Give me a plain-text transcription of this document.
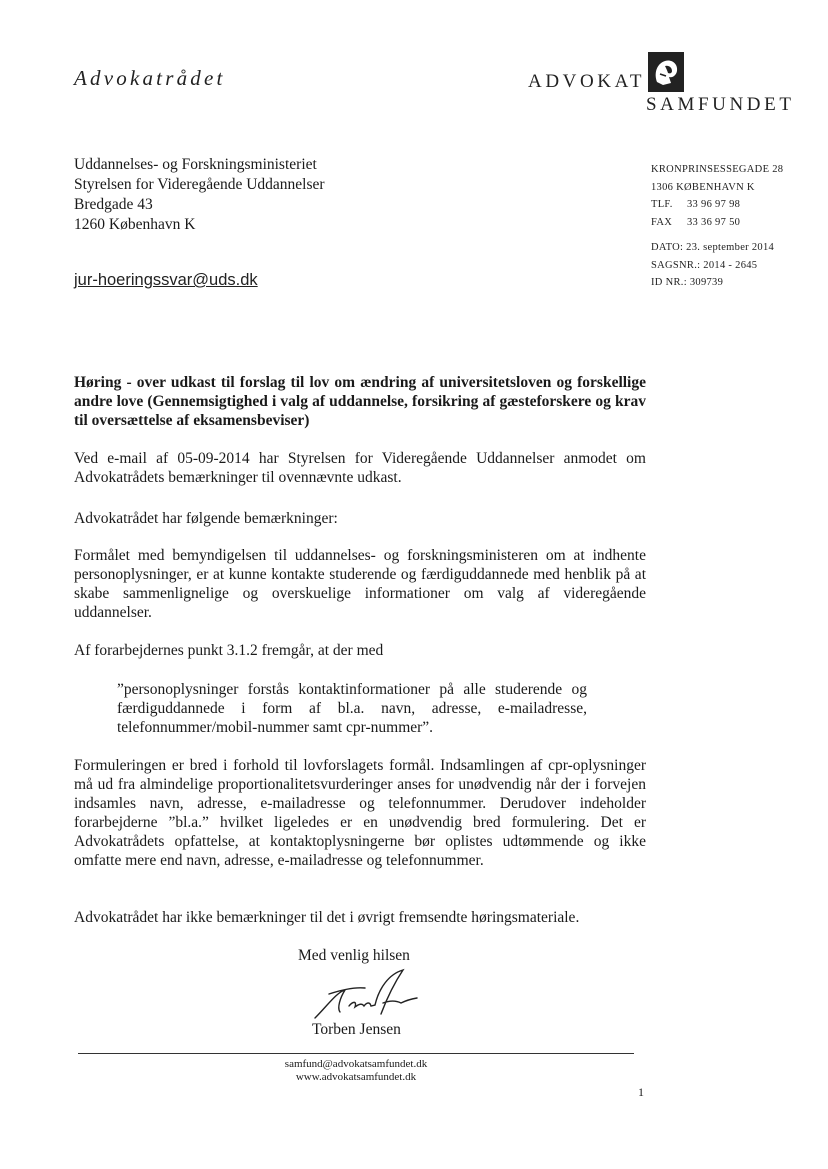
Advokatrådet	ADVOKAT
SAMFUNDET
Uddannelses- og Forskningsministeriet
Styrelsen for Videregående Uddannelser
Bredgade 43
1260 København K
jur-hoeringssvar@uds.dk
KRONPRINSESSEGADE 28
1306 KØBENHAVN K
TLF. 33 96 97 98
FAX 33 36 97 50
DATO: 23. september 2014
SAGSNR.: 2014 - 2645
ID NR.: 309739
Høring - over udkast til forslag til lov om ændring af universitetsloven og forskellige andre love (Gennemsigtighed i valg af uddannelse, forsikring af gæsteforskere og krav til oversættelse af eksamensbeviser)
Ved e-mail af 05-09-2014 har Styrelsen for Videregående Uddannelser anmodet om Advokatrådets bemærkninger til ovennævnte udkast.
Advokatrådet har følgende bemærkninger:
Formålet med bemyndigelsen til uddannelses- og forskningsministeren om at indhente personoplysninger, er at kunne kontakte studerende og færdiguddannede med henblik på at skabe sammenlignelige og overskuelige informationer om valg af videregående uddannelser.
Af forarbejdernes punkt 3.1.2 fremgår, at der med
”personoplysninger forstås kontaktinformationer på alle studerende og færdiguddannede i form af bl.a. navn, adresse, e-mailadresse, telefonnummer/mobil-nummer samt cpr-nummer”.
Formuleringen er bred i forhold til lovforslagets formål. Indsamlingen af cpr-oplysninger må ud fra almindelige proportionalitetsvurderinger anses for unødvendig når der i forvejen indsamles navn, adresse, e-mailadresse og telefonnummer. Derudover indeholder forarbejderne ”bl.a.” hvilket ligeledes er en unødvendig bred formulering. Det er Advokatrådets opfattelse, at kontaktoplysningerne bør oplistes udtømmende og ikke omfatte mere end navn, adresse, e-mailadresse og telefonnummer.
Advokatrådet har ikke bemærkninger til det i øvrigt fremsendte høringsmateriale.
Med venlig hilsen
Torben Jensen
samfund@advokatsamfundet.dk
www.advokatsamfundet.dk
1
